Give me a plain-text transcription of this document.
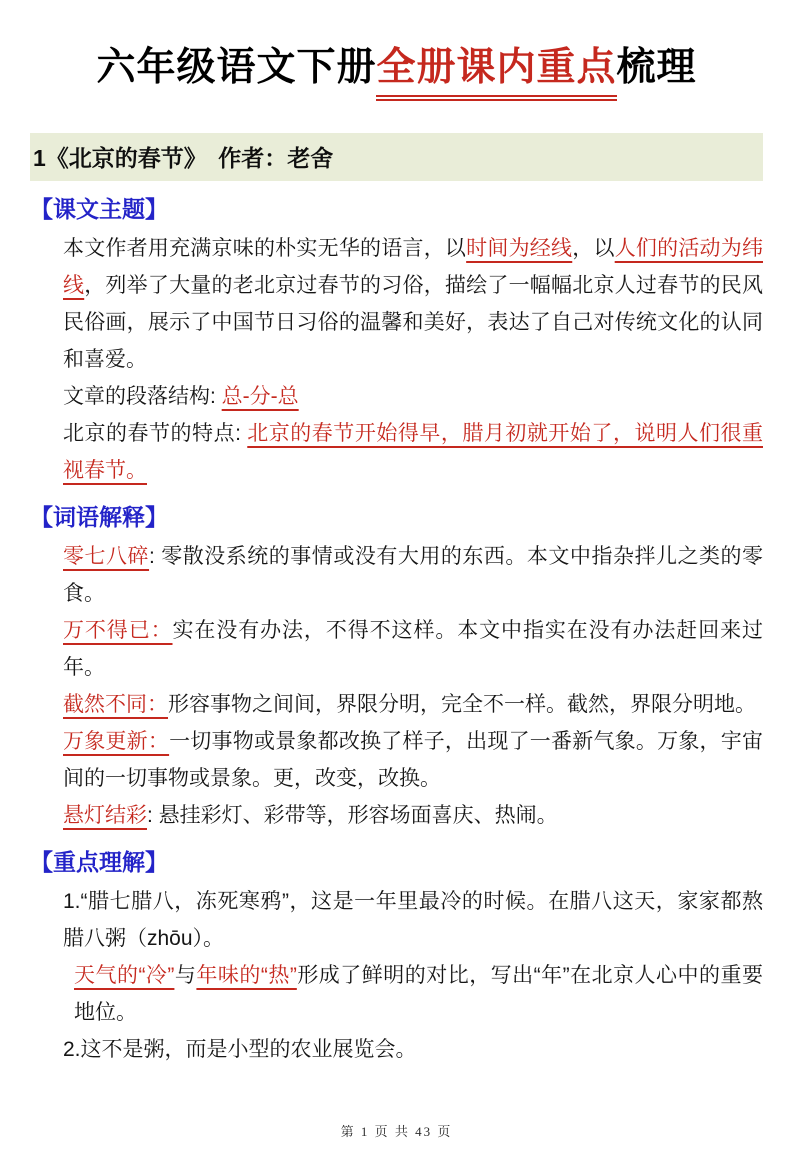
六年级语文下册全册课内重点梳理
1《北京的春节》　作者：老舍
【课文主题】

本文作者用充满京味的朴实无华的语言，以时间为经线，以人们的活动为纬线，列举了大量的老北京过春节的习俗，描绘了一幅幅北京人过春节的民风民俗画，展示了中国节日习俗的温馨和美好，表达了自己对传统文化的认同和喜爱。

文章的段落结构: 总-分-总

北京的春节的特点: 北京的春节开始得早，腊月初就开始了，说明人们很重视春节。

【词语解释】

零七八碎: 零散没系统的事情或没有大用的东西。本文中指杂拌儿之类的零食。

万不得已：实在没有办法，不得不这样。本文中指实在没有办法赶回来过年。

截然不同：形容事物之间间，界限分明，完全不一样。截然，界限分明地。

万象更新：一切事物或景象都改换了样子，出现了一番新气象。万象，宇宙间的一切事物或景象。更，改变，改换。

悬灯结彩: 悬挂彩灯、彩带等，形容场面喜庆、热闹。

【重点理解】

1.“腊七腊八，冻死寒鸦”，这是一年里最冷的时候。在腊八这天，家家都熬腊八粥（zhōu）。

天气的“冷”与年味的“热”形成了鲜明的对比，写出“年”在北京人心中的重要地位。

2.这不是粥，而是小型的农业展览会。

第 1 页 共 43 页
